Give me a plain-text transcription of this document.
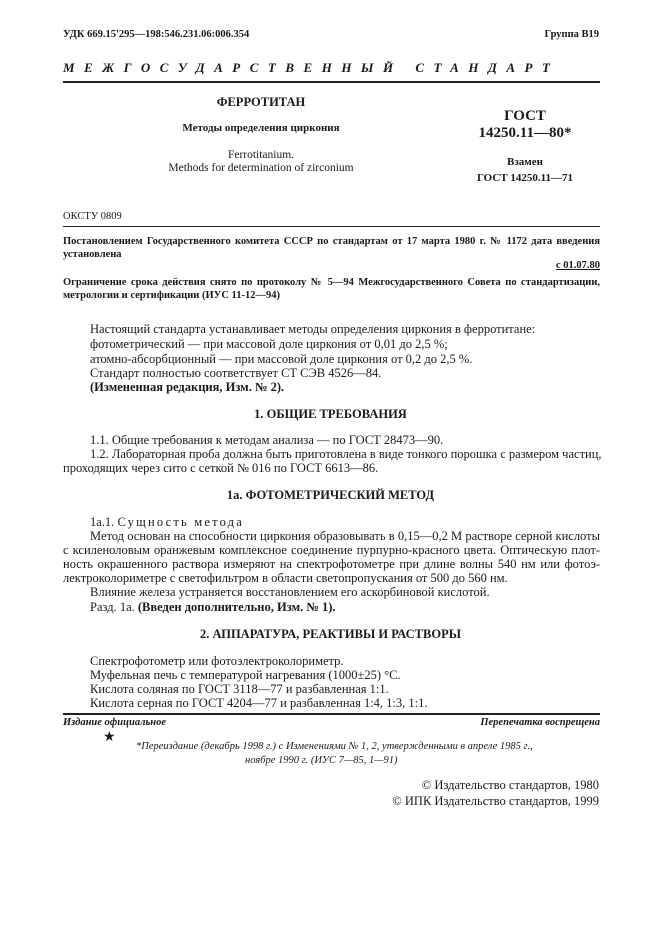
УДК 669.15'295—198:546.231.06:006.354	Группа В19
МЕЖГОСУДАРСТВЕННЫЙ СТАНДАРТ
ФЕРРОТИТАН
Методы определения циркония
Ferrotitanium.
Methods for determination of zirconium
ГОСТ
14250.11—80*
Взамен
ГОСТ 14250.11—71
ОКСТУ 0809
Постановлением Государственного комитета СССР по стандартам от 17 марта 1980 г. № 1172 дата введения
установлена
с 01.07.80
Ограничение срока действия снято по протоколу № 5—94 Межгосударственного Совета по стандартизации,
метрологии и сертификации (ИУС 11-12—94)
Настоящий стандарта устанавливает методы определения циркония в ферротитане:
фотометрический — при массовой доле циркония от 0,01 до 2,5 %;
атомно-абсорбционный — при массовой доле циркония от 0,2 до 2,5 %.
Стандарт полностью соответствует СТ СЭВ 4526—84.
(Измененная редакция, Изм. № 2).
1. ОБЩИЕ ТРЕБОВАНИЯ
1.1. Общие требования к методам анализа — по ГОСТ 28473—90.
1.2. Лабораторная проба должна быть приготовлена в виде тонкого порошка с размером частиц,
проходящих через сито с сеткой № 016 по ГОСТ 6613—86.
1а. ФОТОМЕТРИЧЕСКИЙ МЕТОД
1а.1. Сущность метода
Метод основан на способности циркония образовывать в 0,15—0,2 М растворе серной кислоты
с ксиленоловым оранжевым комплексное соединение пурпурно-красного цвета. Оптическую плот-
ность окрашенного раствора измеряют на спектрофотометре при длине волны 540 нм или фотоэ-
лектроколориметре с светофильтром в области светопропускания от 500 до 560 нм.
Влияние железа устраняется восстановлением его аскорбиновой кислотой.
Разд. 1а. (Введен дополнительно, Изм. № 1).
2. АППАРАТУРА, РЕАКТИВЫ И РАСТВОРЫ
Спектрофотометр или фотоэлектроколориметр.
Муфельная печь с температурой нагревания (1000±25) °С.
Кислота соляная по ГОСТ 3118—77 и разбавленная 1:1.
Кислота серная по ГОСТ 4204—77 и разбавленная 1:4, 1:3, 1:1.
Издание официальное	Перепечатка воспрещена
★
*Переиздание (декабрь 1998 г.) с Изменениями № 1, 2, утвержденными в апреле 1985 г.,
ноябре 1990 г. (ИУС 7—85, 1—91)
© Издательство стандартов, 1980
© ИПК Издательство стандартов, 1999
